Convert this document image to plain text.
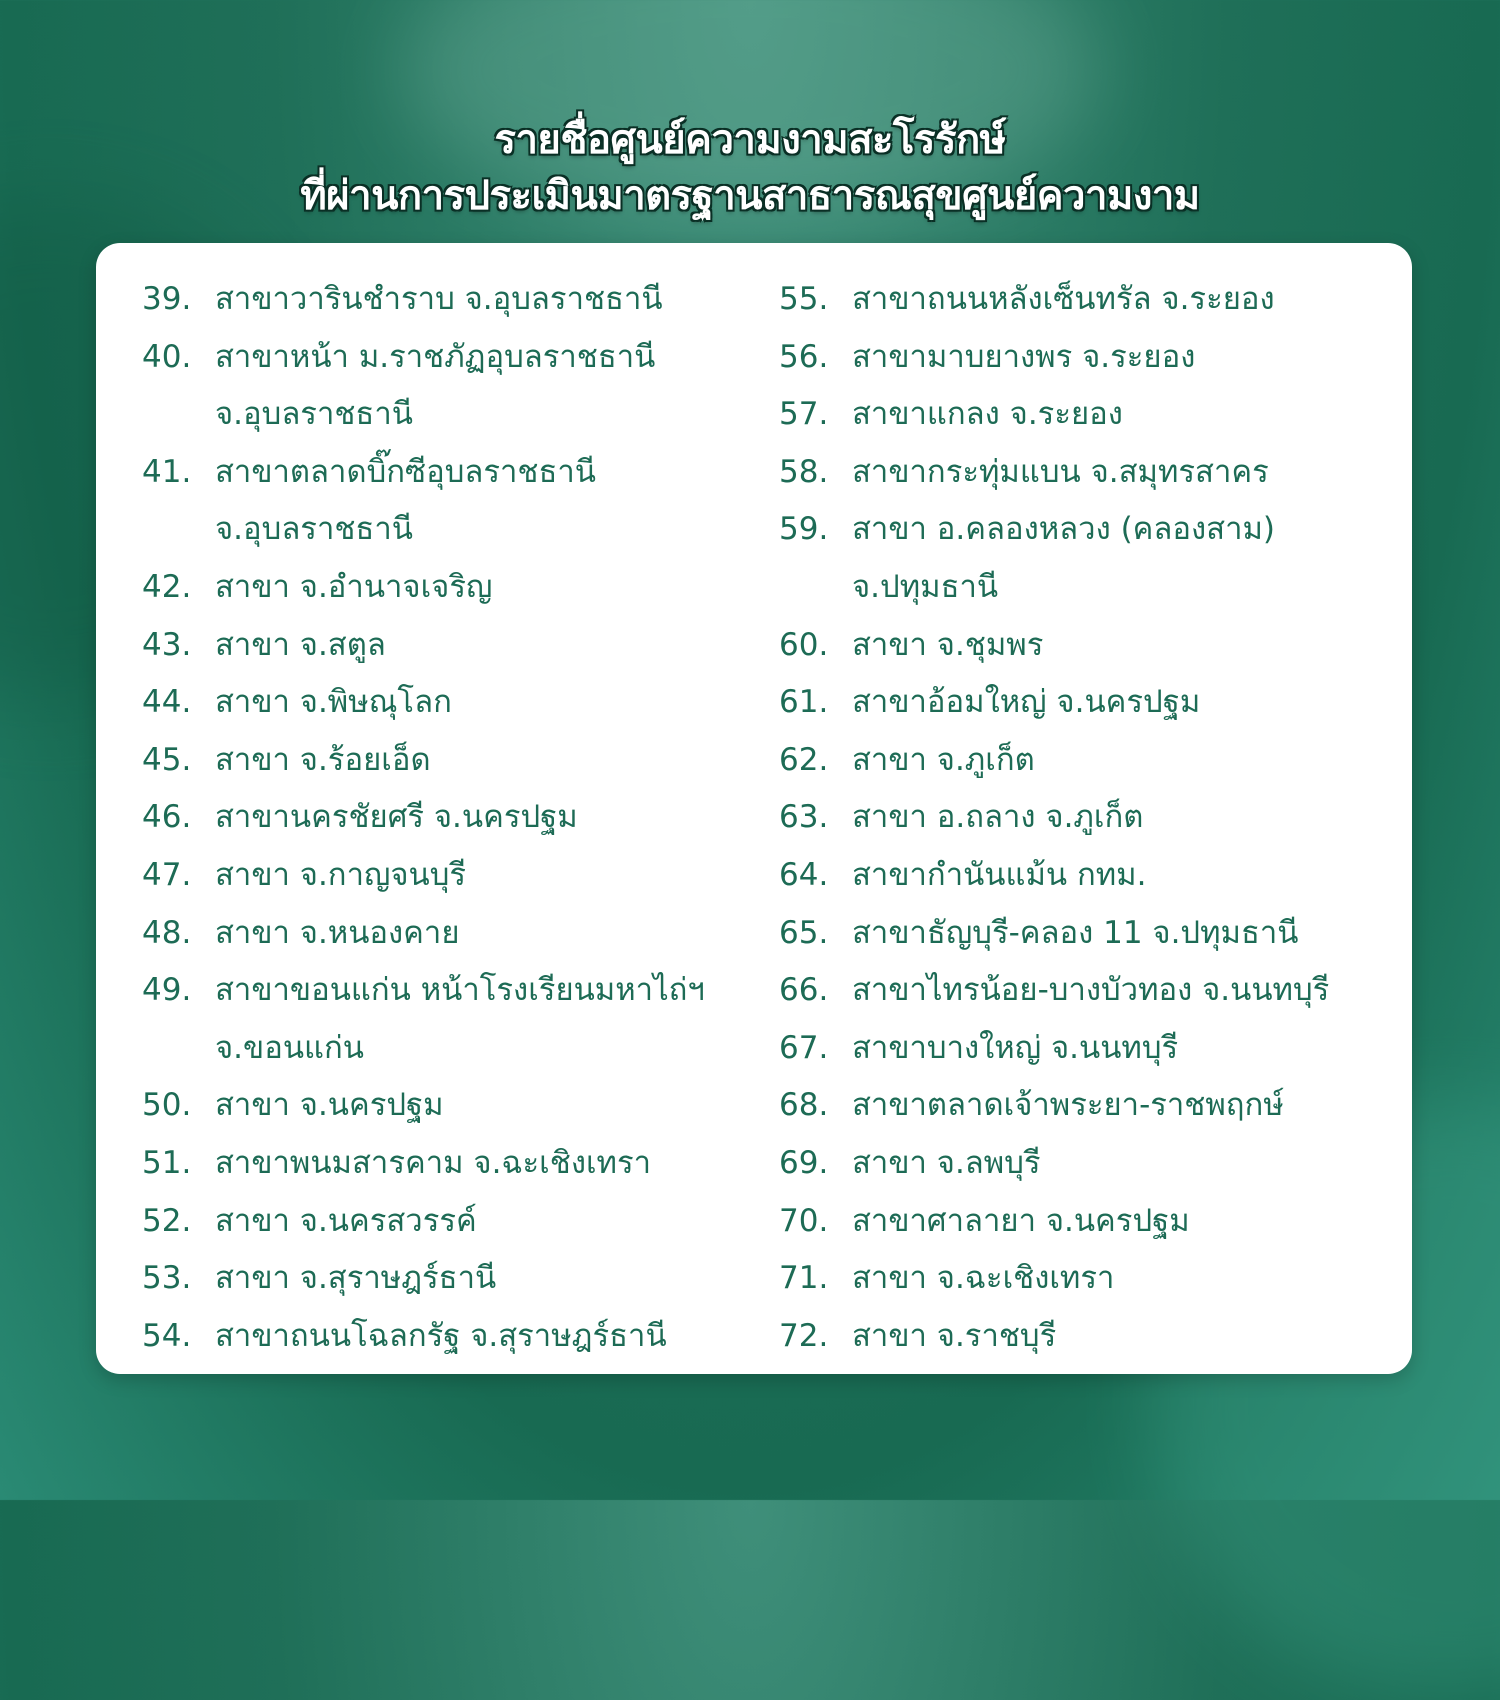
รายชื่อศูนย์ความงามสะโรรักษ์
ที่ผ่านการประเมินมาตรฐานสาธารณสุขศูนย์ความงาม
39. สาขาวารินชำราบ จ.อุบลราชธานี
40. สาขาหน้า ม.ราชภัฏอุบลราชธานี
จ.อุบลราชธานี
41. สาขาตลาดบิ๊กซีอุบลราชธานี
จ.อุบลราชธานี
42. สาขา จ.อำนาจเจริญ
43. สาขา จ.สตูล
44. สาขา จ.พิษณุโลก
45. สาขา จ.ร้อยเอ็ด
46. สาขานครชัยศรี จ.นครปฐม
47. สาขา จ.กาญจนบุรี
48. สาขา จ.หนองคาย
49. สาขาขอนแก่น หน้าโรงเรียนมหาไถ่ฯ
จ.ขอนแก่น
50. สาขา จ.นครปฐม
51. สาขาพนมสารคาม จ.ฉะเชิงเทรา
52. สาขา จ.นครสวรรค์
53. สาขา จ.สุราษฎร์ธานี
54. สาขาถนนโฉลกรัฐ จ.สุราษฎร์ธานี
55. สาขาถนนหลังเซ็นทรัล จ.ระยอง
56. สาขามาบยางพร จ.ระยอง
57. สาขาแกลง จ.ระยอง
58. สาขากระทุ่มแบน จ.สมุทรสาคร
59. สาขา อ.คลองหลวง (คลองสาม)
จ.ปทุมธานี
60. สาขา จ.ชุมพร
61. สาขาอ้อมใหญ่ จ.นครปฐม
62. สาขา จ.ภูเก็ต
63. สาขา อ.ถลาง จ.ภูเก็ต
64. สาขากำนันแม้น กทม.
65. สาขาธัญบุรี-คลอง 11 จ.ปทุมธานี
66. สาขาไทรน้อย-บางบัวทอง จ.นนทบุรี
67. สาขาบางใหญ่ จ.นนทบุรี
68. สาขาตลาดเจ้าพระยา-ราชพฤกษ์
69. สาขา จ.ลพบุรี
70. สาขาศาลายา จ.นครปฐม
71. สาขา จ.ฉะเชิงเทรา
72. สาขา จ.ราชบุรี
